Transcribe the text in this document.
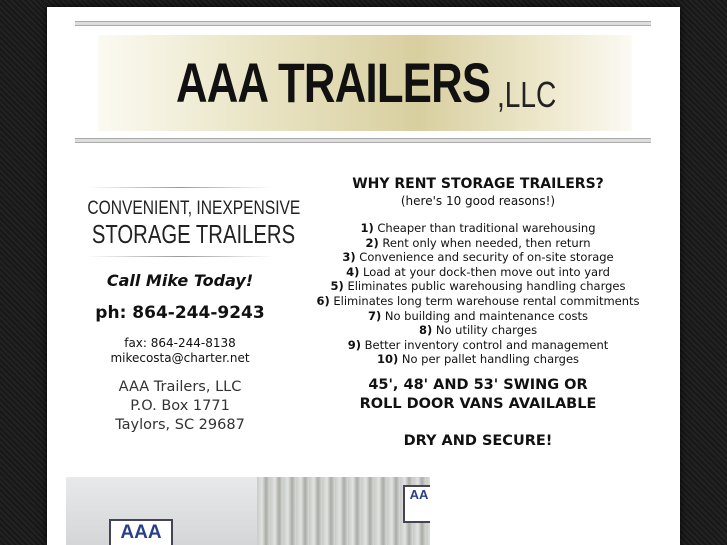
AAA TRAILERS ,LLC
CONVENIENT, INEXPENSIVE
STORAGE TRAILERS
Call Mike Today!
ph: 864-244-9243
fax: 864-244-8138
mikecosta@charter.net
AAA Trailers, LLC
P.O. Box 1771
Taylors, SC 29687
WHY RENT STORAGE TRAILERS?
(here's 10 good reasons!)
1) Cheaper than traditional warehousing
2) Rent only when needed, then return
3) Convenience and security of on-site storage
4) Load at your dock-then move out into yard
5) Eliminates public warehousing handling charges
6) Eliminates long term warehouse rental commitments
7) No building and maintenance costs
8) No utility charges
9) Better inventory control and management
10) No per pallet handling charges
45', 48' AND 53' SWING OR
ROLL DOOR VANS AVAILABLE
DRY AND SECURE!
AAA
AA
